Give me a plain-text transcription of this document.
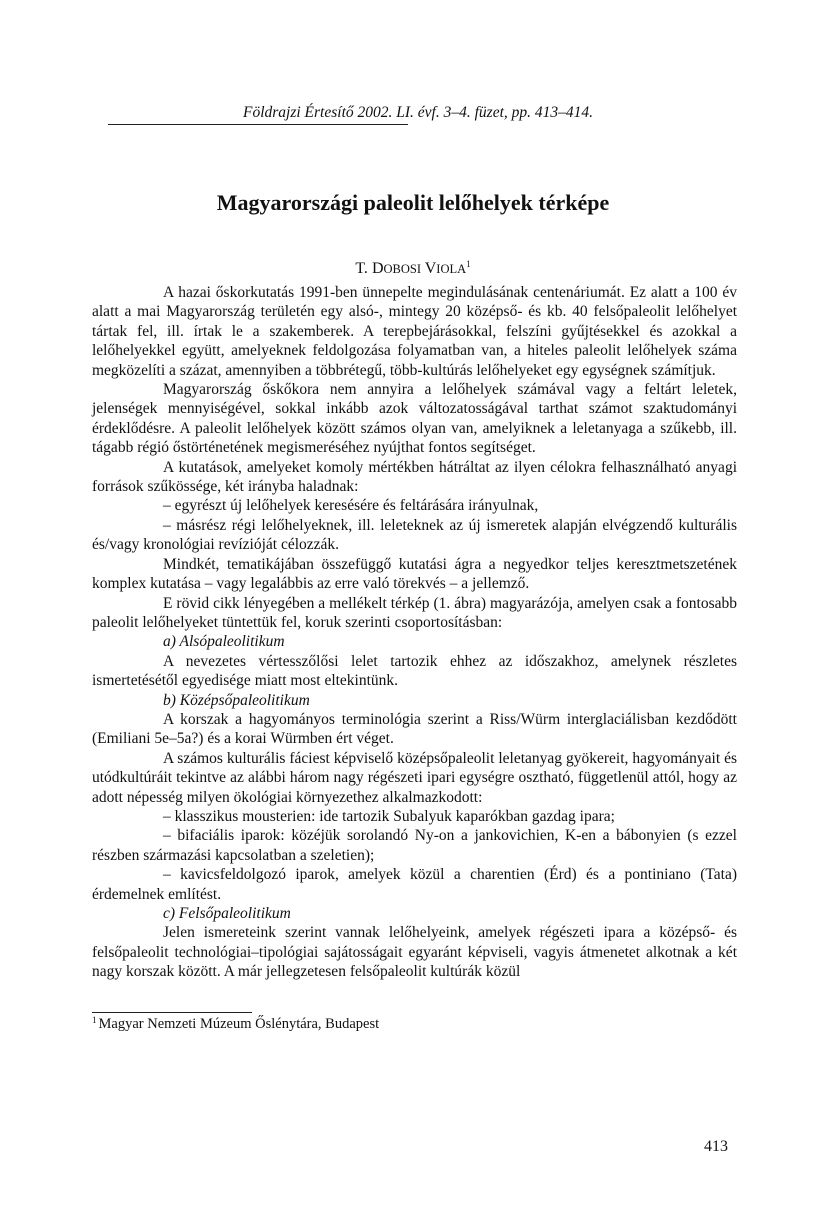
Földrajzi Értesítő 2002. LI. évf. 3–4. füzet, pp. 413–414.
Magyarországi paleolit lelőhelyek térképe
T. DOBOSI VIOLA$^1$

A hazai őskorkutatás 1991-ben ünnepelte megindulásának centenáriumát. Ez alatt a 100 év alatt a mai Magyarország területén egy alsó-, mintegy 20 középső- és kb. 40 felsőpaleolit lelőhelyet tártak fel, ill. írtak le a szakemberek. A terepbejárásokkal, felszíni gyűjtésekkel és azokkal a lelőhelyekkel együtt, amelyeknek feldolgozása folyamatban van, a hiteles paleolit lelőhelyek száma megközelíti a százat, amennyiben a többrétegű, több-kultúrás lelőhelyeket egy egységnek számítjuk.

Magyarország őskőkora nem annyira a lelőhelyek számával vagy a feltárt leletek, jelenségek mennyiségével, sokkal inkább azok változatosságával tarthat számot szaktudományi érdeklődésre. A paleolit lelőhelyek között számos olyan van, amelyiknek a leletanyaga a szűkebb, ill. tágabb régió őstörténetének megismeréséhez nyújthat fontos segítséget.

A kutatások, amelyeket komoly mértékben hátráltat az ilyen célokra felhasználható anyagi források szűkössége, két irányba haladnak:

– egyrészt új lelőhelyek keresésére és feltárására irányulnak,

– másrész régi lelőhelyeknek, ill. leleteknek az új ismeretek alapján elvégzendő kulturális és/vagy kronológiai revízióját célozzák.

Mindkét, tematikájában összefüggő kutatási ágra a negyedkor teljes keresztmetszetének komplex kutatása – vagy legalábbis az erre való törekvés – a jellemző.

E rövid cikk lényegében a mellékelt térkép (1. ábra) magyarázója, amelyen csak a fontosabb paleolit lelőhelyeket tüntettük fel, koruk szerinti csoportosításban:

a) Alsópaleolitikum

A nevezetes vértesszőlősi lelet tartozik ehhez az időszakhoz, amelynek részletes ismertetésétől egyedisége miatt most eltekintünk.

b) Középsőpaleolitikum

A korszak a hagyományos terminológia szerint a Riss/Würm interglaciálisban kezdődött (Emiliani 5e–5a?) és a korai Würmben ért véget.

A számos kulturális fáciest képviselő középsőpaleolit leletanyag gyökereit, hagyományait és utódkultúráit tekintve az alábbi három nagy régészeti ipari egységre osztható, függetlenül attól, hogy az adott népesség milyen ökológiai környezethez alkalmazkodott:

– klasszikus mousterien: ide tartozik Subalyuk kaparókban gazdag ipara;

– bifaciális iparok: közéjük sorolandó Ny-on a jankovichien, K-en a bábonyien (s ezzel részben származási kapcsolatban a szeletien);

– kavicsfeldolgozó iparok, amelyek közül a charentien (Érd) és a pontiniano (Tata) érdemelnek említést.

c) Felsőpaleolitikum

Jelen ismereteink szerint vannak lelőhelyeink, amelyek régészeti ipara a középső- és felsőpaleolit technológiai–tipológiai sajátosságait egyaránt képviseli, vagyis átmenetet alkotnak a két nagy korszak között. A már jellegzetesen felsőpaleolit kultúrák közül

$^1$ Magyar Nemzeti Múzeum Őslénytára, Budapest
413
